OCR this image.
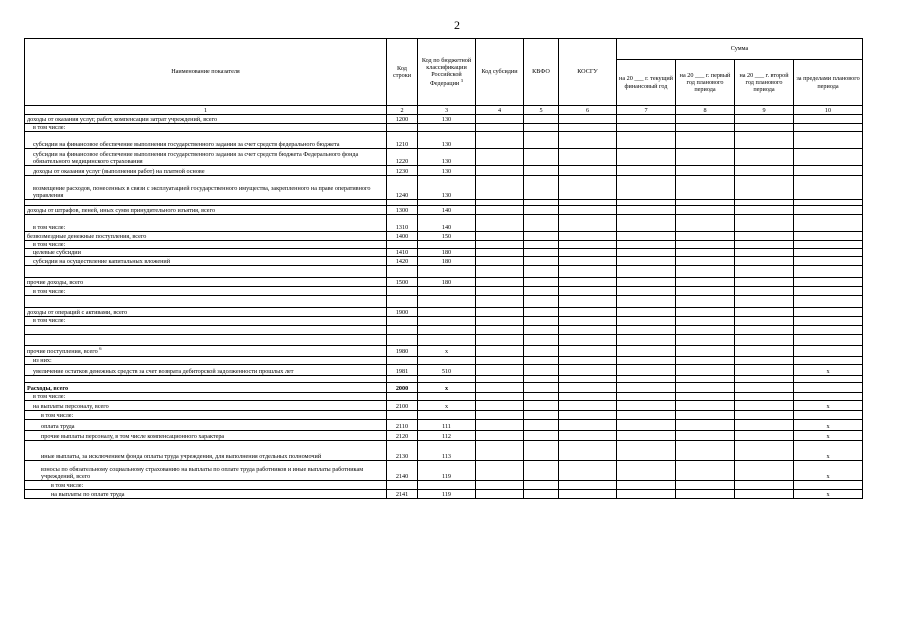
2
Наименование показателя	Код строки	Код по бюджетной классификации Российской Федерации $^3$	Код субсидии	КВФО	КОСГУ	Сумма			
						на 20 ___ г. текущий финансовый год	на 20 ___ г. первый год планового периода	на 20 ___ г. второй год планового периода	за пределами планового периода
1	2	3	4	5	6	7	8	9	10
доходы от оказания услуг, работ, компенсации затрат учреждений, всего	1200	130							
в том числе:									
субсидии на финансовое обеспечение выполнения государственного задания за счет средств федерального бюджета	1210	130							
субсидии на финансовое обеспечение выполнения государственного задания за счет средств бюджета Федерального фонда обязательного медицинского страхования	1220	130							
доходы от оказания услуг (выполнения работ) на платной основе	1230	130							
возмещение расходов, понесенных в связи с эксплуатацией государственного имущества, закрепленного на праве оперативного управления	1240	130							

доходы от штрафов, пеней, иных сумм принудительного изъятия, всего	1300	140							
в том числе:	1310	140							
безвозмездные денежные поступления, всего	1400	150							
в том числе:									
целевые субсидии	1410	180							
субсидии на осуществление капитальных вложений	1420	180							

прочие доходы, всего	1500	180							
в том числе:									

доходы от операций с активами, всего	1900								
в том числе:									

прочие поступления, всего $^6$	1980	x							
из них:									
увеличение остатков денежных средств за счет возврата дебиторской задолженности прошлых лет	1981	510							x

Расходы, всего	2000	x							
в том числе:									
на выплаты персоналу, всего	2100	x							x
в том числе:									
оплата труда	2110	111							x
прочие выплаты персоналу, в том числе компенсационного характера	2120	112							x
иные выплаты, за исключением фонда оплаты труда учреждения, для выполнения отдельных полномочий	2130	113							x
взносы по обязательному социальному страхованию на выплаты по оплате труда работников и иные выплаты работникам учреждений, всего	2140	119							x
в том числе:									
на выплаты по оплате труда	2141	119							x
